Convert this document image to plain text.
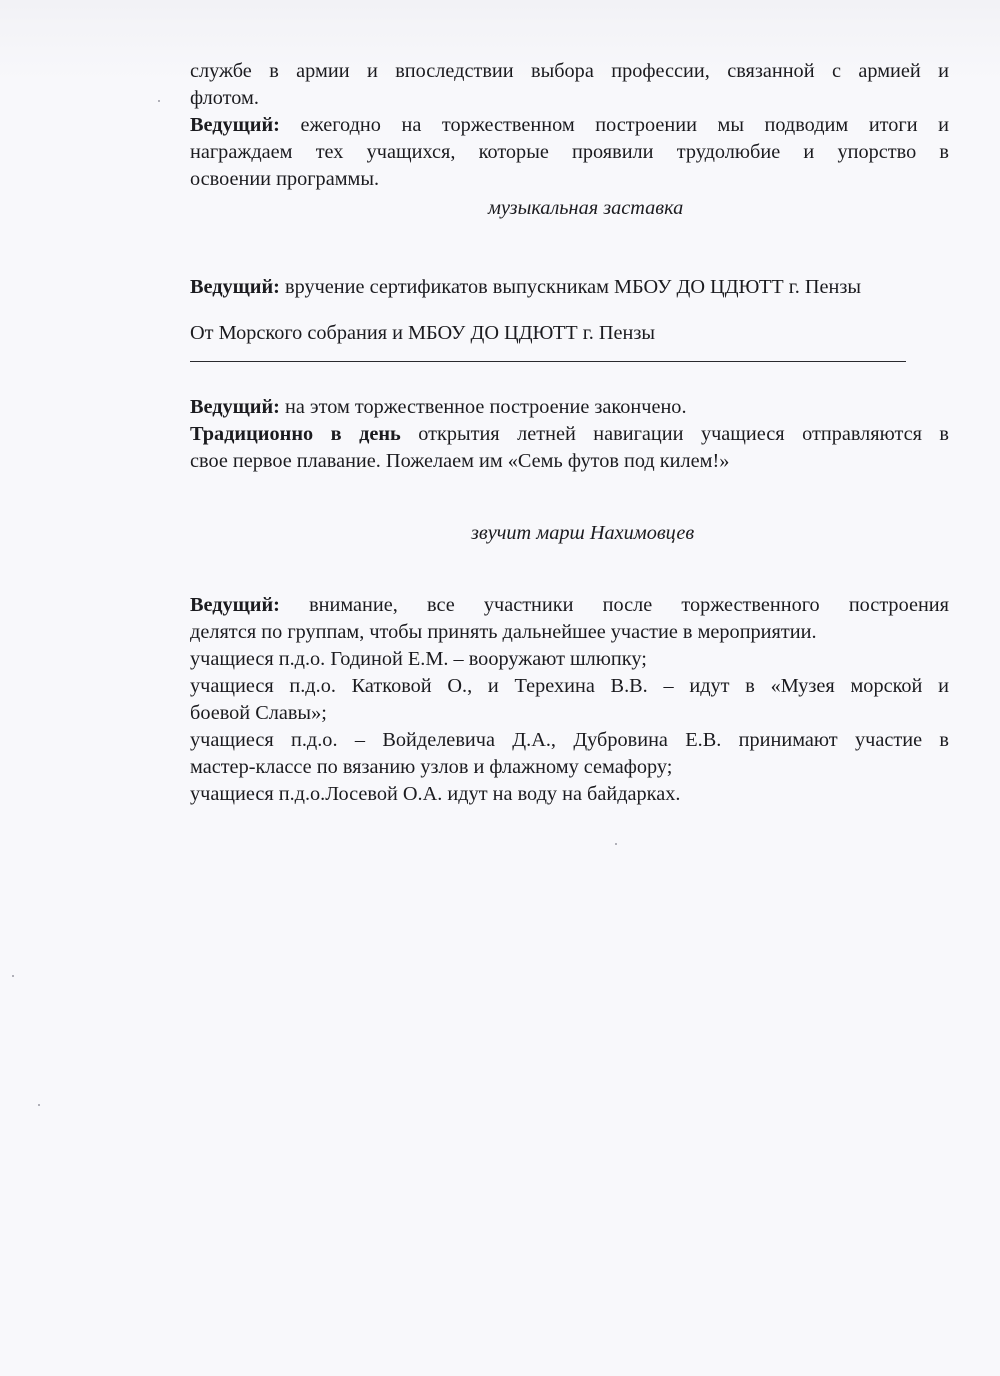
службе в армии и впоследствии выбора профессии, связанной с армией и
флотом.
Ведущий: ежегодно на торжественном построении мы подводим итоги и
награждаем тех учащихся, которые проявили трудолюбие и упорство в
освоении программы.
музыкальная заставка
Ведущий: вручение сертификатов выпускникам МБОУ ДО ЦДЮТТ г. Пензы
От Морского собрания и МБОУ ДО ЦДЮТТ г. Пензы
Ведущий: на этом торжественное построение закончено.
Традиционно в день открытия летней навигации учащиеся отправляются в
свое первое плавание. Пожелаем им «Семь футов под килем!»
звучит марш Нахимовцев
Ведущий: внимание, все участники после торжественного построения
делятся по группам, чтобы принять дальнейшее участие в мероприятии.
учащиеся п.д.о. Годиной Е.М. – вооружают шлюпку;
учащиеся п.д.о. Катковой О., и Терехина В.В. – идут в «Музея морской и
боевой Славы»;
учащиеся п.д.о. – Войделевича Д.А., Дубровина Е.В. принимают участие в
мастер-классе по вязанию узлов и флажному семафору;
учащиеся п.д.о.Лосевой О.А. идут на воду на байдарках.
